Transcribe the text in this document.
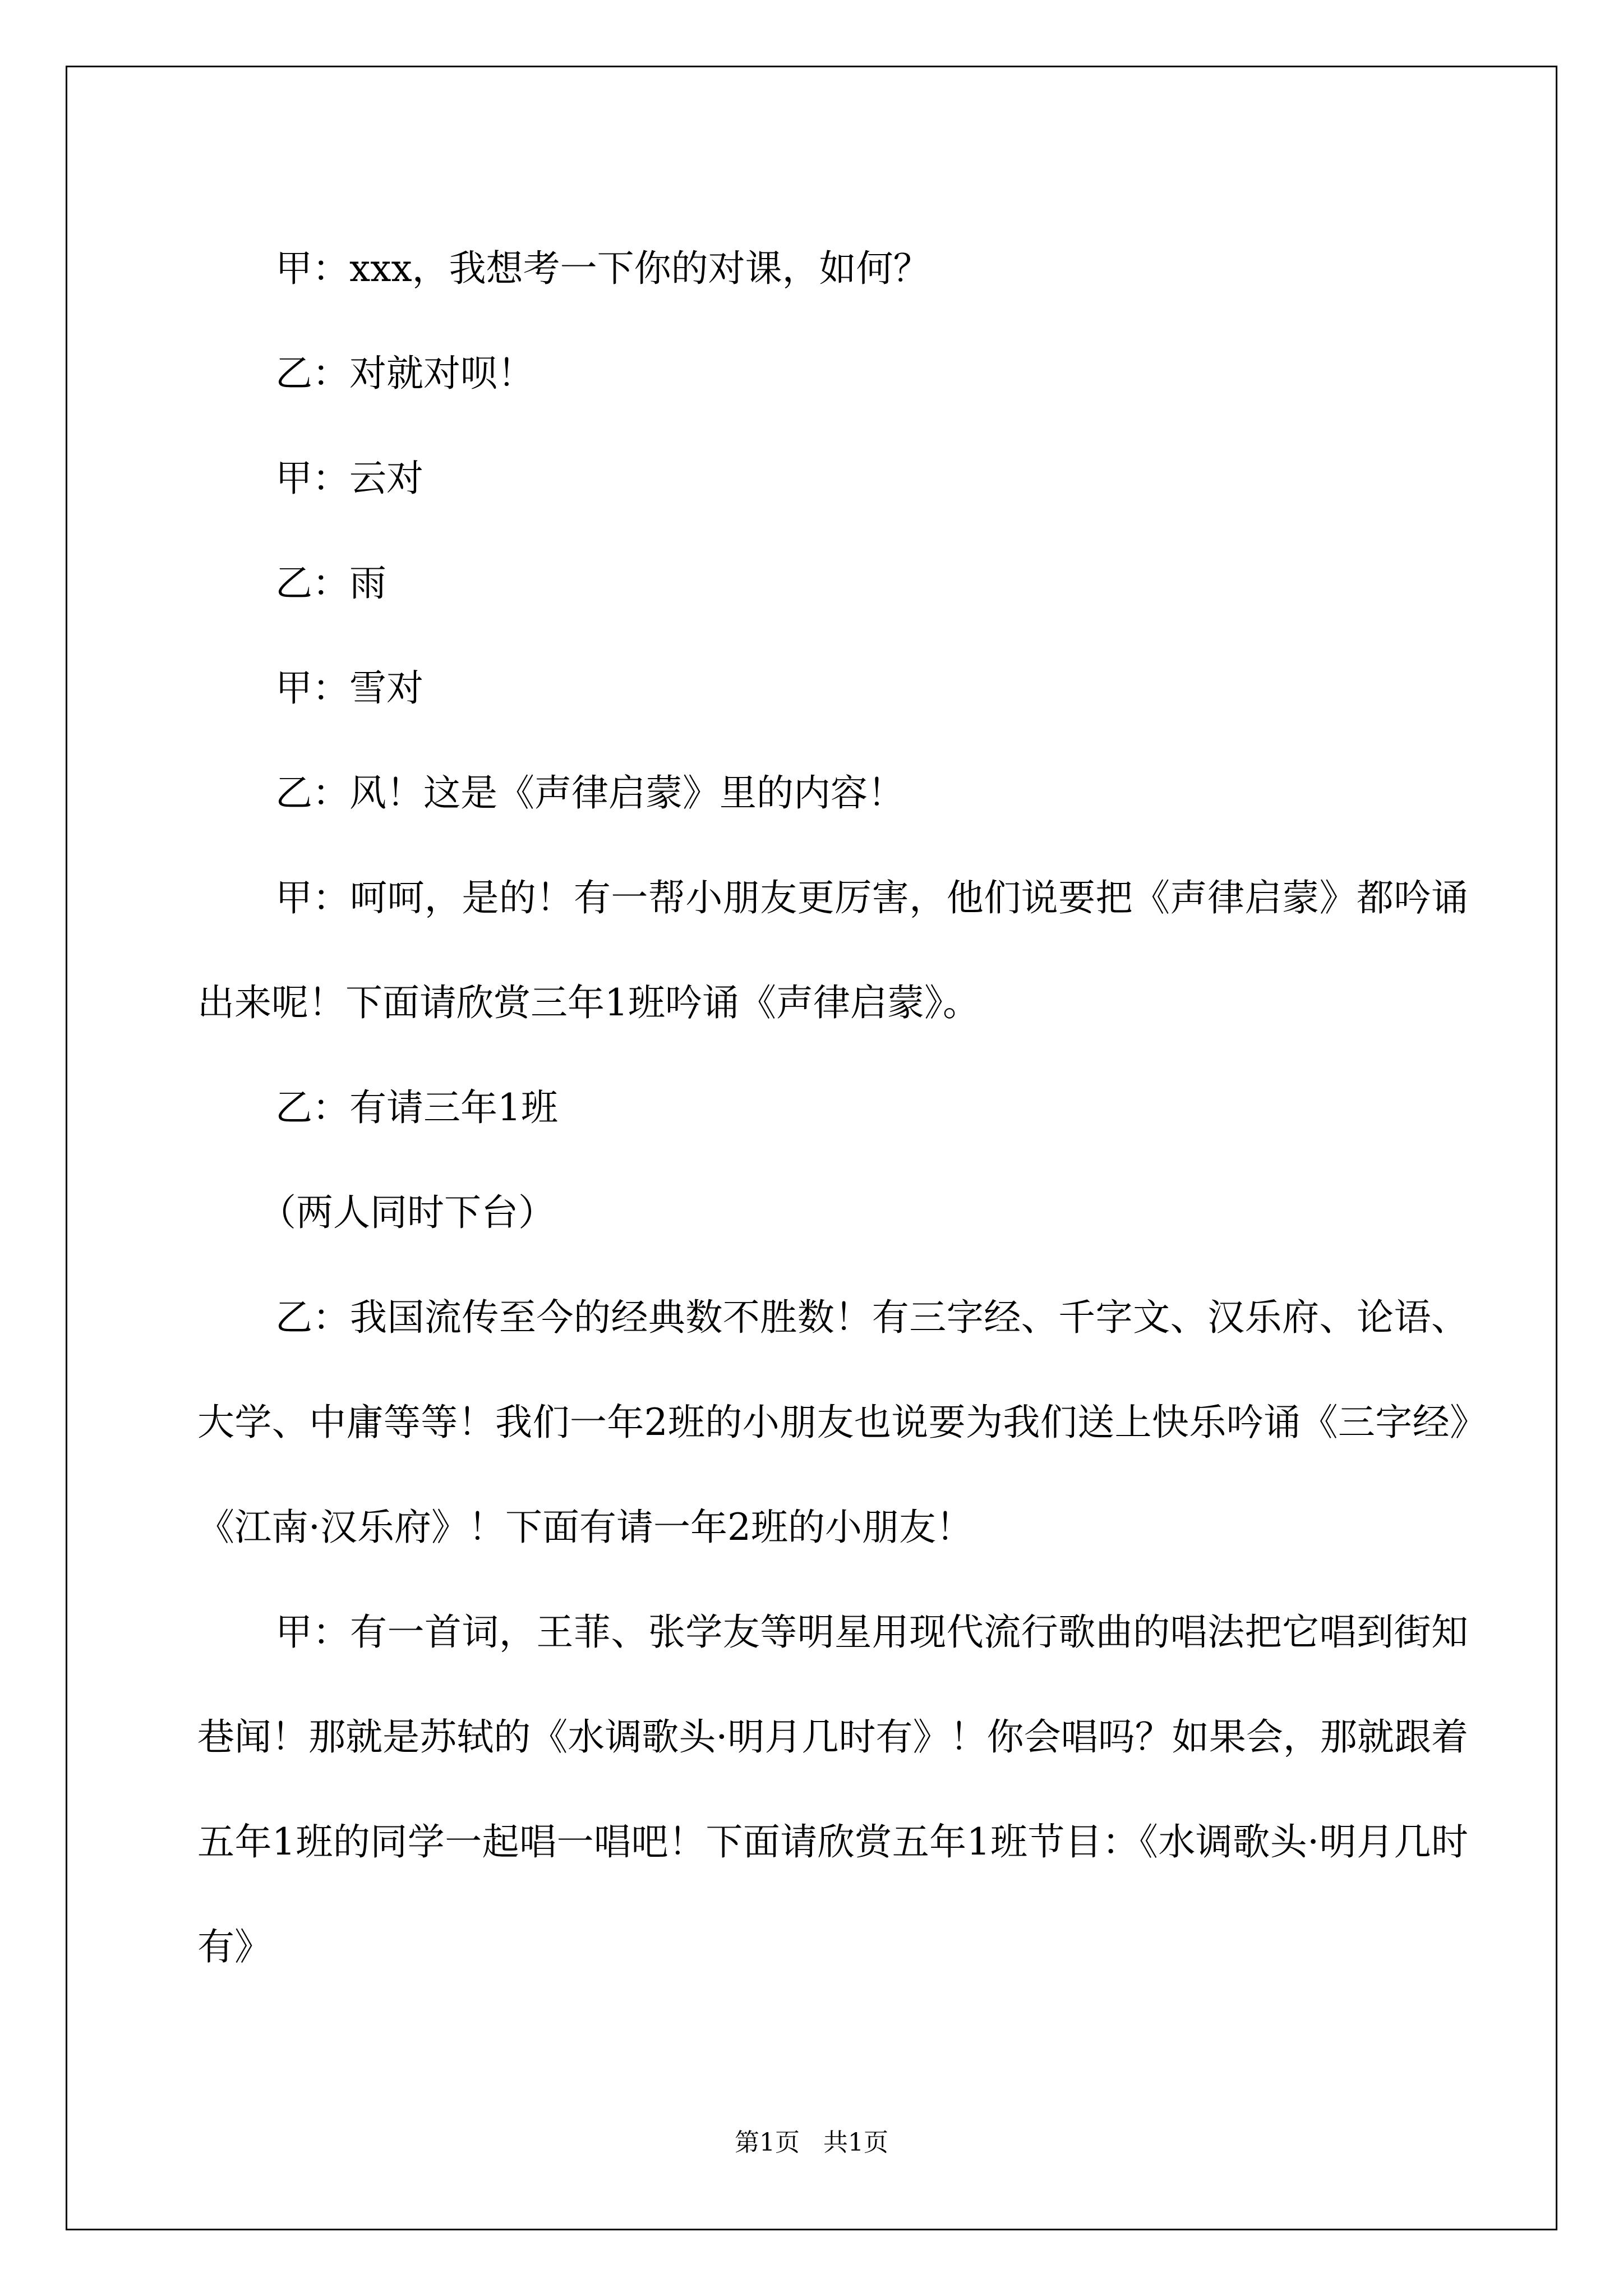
甲：xxx，我想考一下你的对课，如何？

乙：对就对呗！

甲：云对

乙：雨

甲：雪对

乙：风！这是《声律启蒙》里的内容！

甲：呵呵，是的！有一帮小朋友更厉害，他们说要把《声律启蒙》都吟诵出来呢！下面请欣赏三年1班吟诵《声律启蒙》。

乙：有请三年1班

（两人同时下台）

乙：我国流传至今的经典数不胜数！有三字经、千字文、汉乐府、论语、大学、中庸等等！我们一年2班的小朋友也说要为我们送上快乐吟诵《三字经》《江南·汉乐府》！下面有请一年2班的小朋友！

甲：有一首词，王菲、张学友等明星用现代流行歌曲的唱法把它唱到街知巷闻！那就是苏轼的《水调歌头·明月几时有》！你会唱吗？如果会，那就跟着五年1班的同学一起唱一唱吧！下面请欣赏五年1班节目：《水调歌头·明月几时有》

第1页 共1页
